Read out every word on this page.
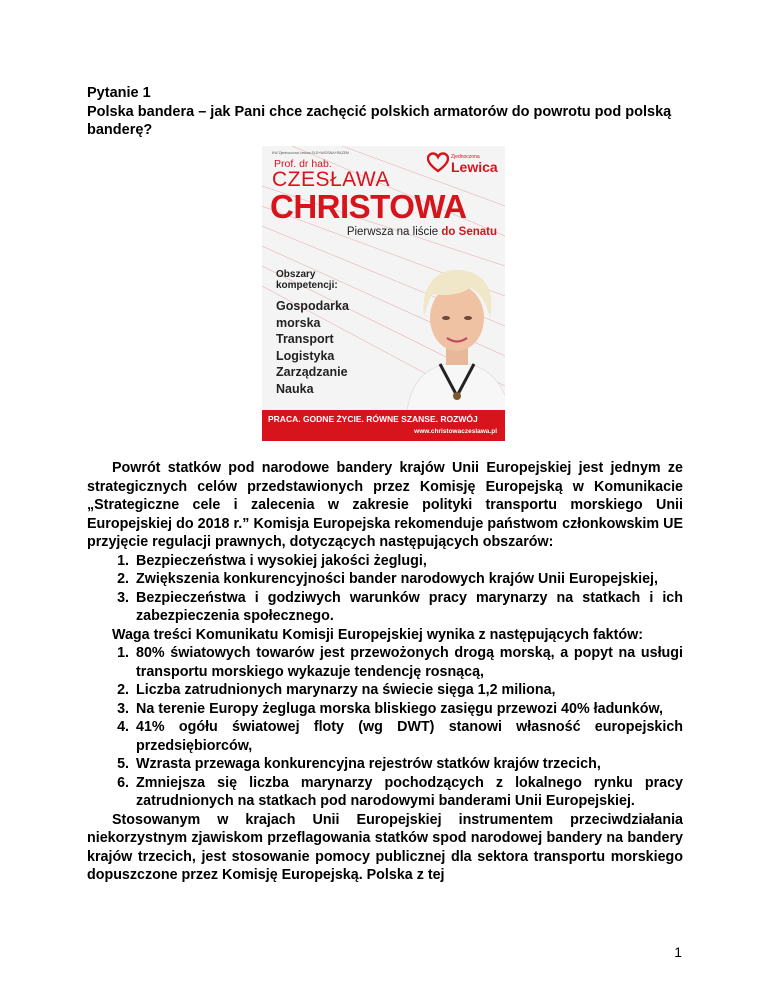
Pytanie 1
Polska bandera – jak Pani chce zachęcić polskich armatorów do powrotu pod polską banderę?
KW Zjednoczona Lewica SLD+WIOSNA+RAZEM
Zjednoczona
Lewica
Prof. dr hab.
CZESŁAWA
CHRISTOWA
Pierwsza na liście do Senatu
Obszary
kompetencji:
Gospodarka
morska
Transport
Logistyka
Zarządzanie
Nauka
PRACA. GODNE ŻYCIE. RÓWNE SZANSE. ROZWÓJ
www.christowaczeslawa.pl

Powrót statków pod narodowe bandery krajów Unii Europejskiej jest jednym ze strategicznych celów przedstawionych przez Komisję Europejską w Komunikacie „Strategiczne cele i zalecenia w zakresie polityki transportu morskiego Unii Europejskiej do 2018 r.” Komisja Europejska rekomenduje państwom członkowskim UE przyjęcie regulacji prawnych, dotyczących następujących obszarów:

1. Bezpieczeństwa i wysokiej jakości żeglugi,
2. Zwiększenia konkurencyjności bander narodowych krajów Unii Europejskiej,
3. Bezpieczeństwa i godziwych warunków pracy marynarzy na statkach i ich zabezpieczenia społecznego.

Waga treści Komunikatu Komisji Europejskiej wynika z następujących faktów:

1. 80% światowych towarów jest przewożonych drogą morską, a popyt na usługi transportu morskiego wykazuje tendencję rosnącą,
2. Liczba zatrudnionych marynarzy na świecie sięga 1,2 miliona,
3. Na terenie Europy żegluga morska bliskiego zasięgu przewozi 40% ładunków,
4. 41% ogółu światowej floty (wg DWT) stanowi własność europejskich przedsiębiorców,
5. Wzrasta przewaga konkurencyjna rejestrów statków krajów trzecich,
6. Zmniejsza się liczba marynarzy pochodzących z lokalnego rynku pracy zatrudnionych na statkach pod narodowymi banderami Unii Europejskiej.

Stosowanym w krajach Unii Europejskiej instrumentem przeciwdziałania niekorzystnym zjawiskom przeflagowania statków spod narodowej bandery na bandery krajów trzecich, jest stosowanie pomocy publicznej dla sektora transportu morskiego dopuszczone przez Komisję Europejską. Polska z tej

1
